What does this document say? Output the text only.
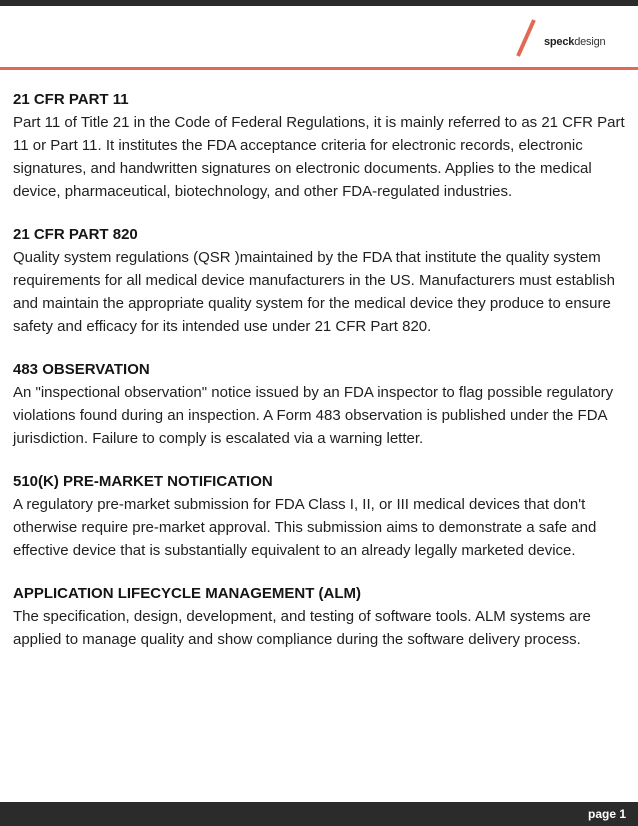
speckdesign

21 CFR PART 11

Part 11 of Title 21 in the Code of Federal Regulations, it is mainly referred to as 21 CFR Part 11 or Part 11. It institutes the FDA acceptance criteria for electronic records, electronic signatures, and handwritten signatures on electronic documents. Applies to the medical device, pharmaceutical, biotechnology, and other FDA-regulated industries.

21 CFR PART 820

Quality system regulations (QSR )maintained by the FDA that institute the quality system requirements for all medical device manufacturers in the US. Manufacturers must establish and maintain the appropriate quality system for the medical device they produce to ensure safety and efficacy for its intended use under 21 CFR Part 820.

483 OBSERVATION

An "inspectional observation" notice issued by an FDA inspector to flag possible regulatory violations found during an inspection. A Form 483 observation is published under the FDA jurisdiction. Failure to comply is escalated via a warning letter.

510(K) PRE-MARKET NOTIFICATION

A regulatory pre-market submission for FDA Class I, II, or III medical devices that don't otherwise require pre-market approval. This submission aims to demonstrate a safe and effective device that is substantially equivalent to an already legally marketed device.

APPLICATION LIFECYCLE MANAGEMENT (ALM)

The specification, design, development, and testing of software tools. ALM systems are applied to manage quality and show compliance during the software delivery process.

page 1
